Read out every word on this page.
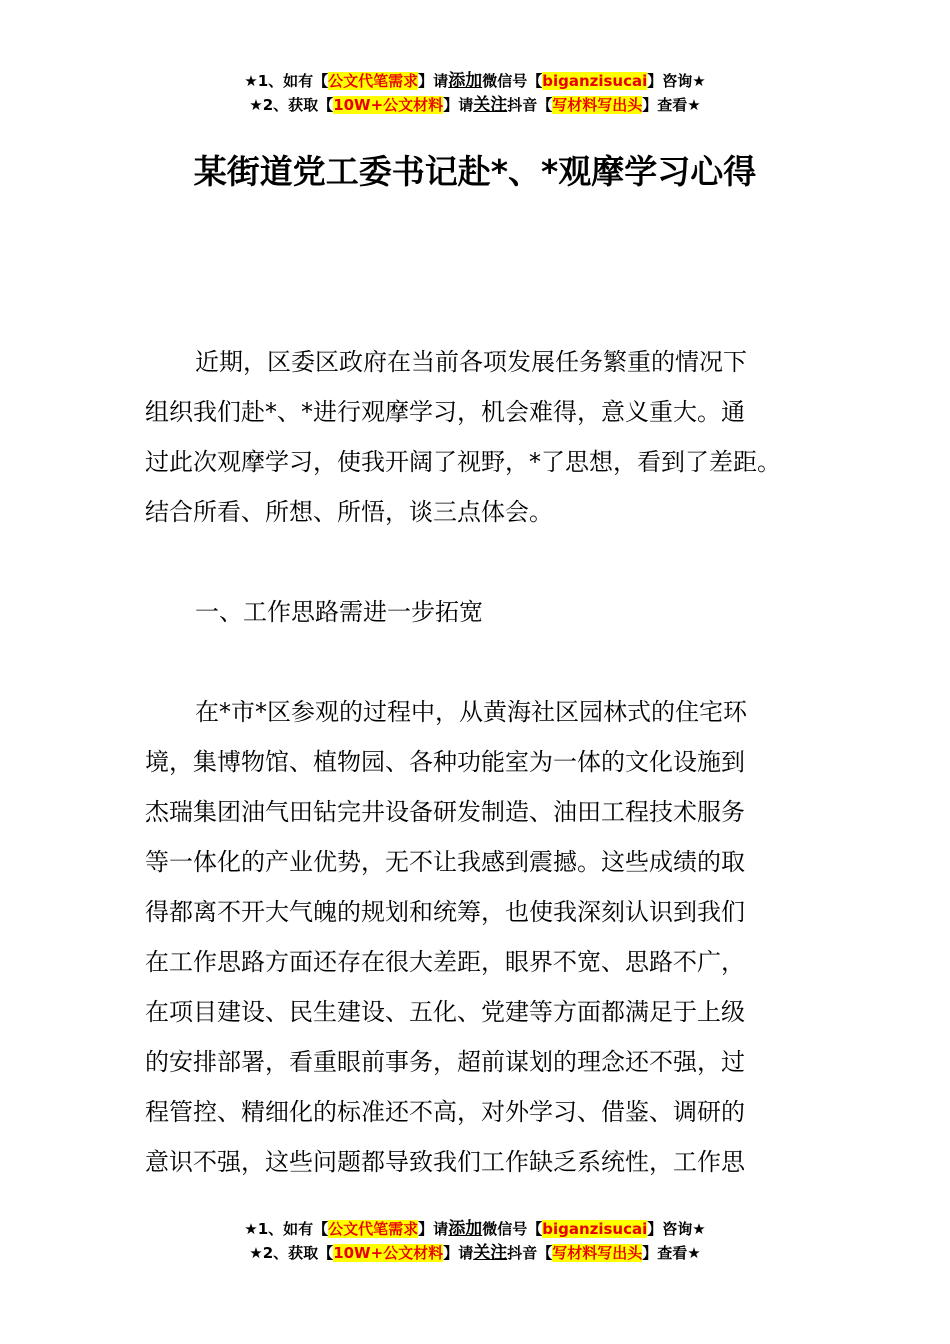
★1、如有【公文代笔需求】请添加微信号【biganzisucai】咨询★
★2、获取【10W+公文材料】请关注抖音【写材料写出头】查看★
某街道党工委书记赴*、*观摩学习心得
近期，区委区政府在当前各项发展任务繁重的情况下
组织我们赴*、*进行观摩学习，机会难得，意义重大。通
过此次观摩学习，使我开阔了视野，*了思想，看到了差距。
结合所看、所想、所悟，谈三点体会。
一、工作思路需进一步拓宽
在*市*区参观的过程中，从黄海社区园林式的住宅环
境，集博物馆、植物园、各种功能室为一体的文化设施到
杰瑞集团油气田钻完井设备研发制造、油田工程技术服务
等一体化的产业优势，无不让我感到震撼。这些成绩的取
得都离不开大气魄的规划和统筹，也使我深刻认识到我们
在工作思路方面还存在很大差距，眼界不宽、思路不广，
在项目建设、民生建设、五化、党建等方面都满足于上级
的安排部署，看重眼前事务，超前谋划的理念还不强，过
程管控、精细化的标准还不高，对外学习、借鉴、调研的
意识不强，这些问题都导致我们工作缺乏系统性，工作思
★1、如有【公文代笔需求】请添加微信号【biganzisucai】咨询★
★2、获取【10W+公文材料】请关注抖音【写材料写出头】查看★
